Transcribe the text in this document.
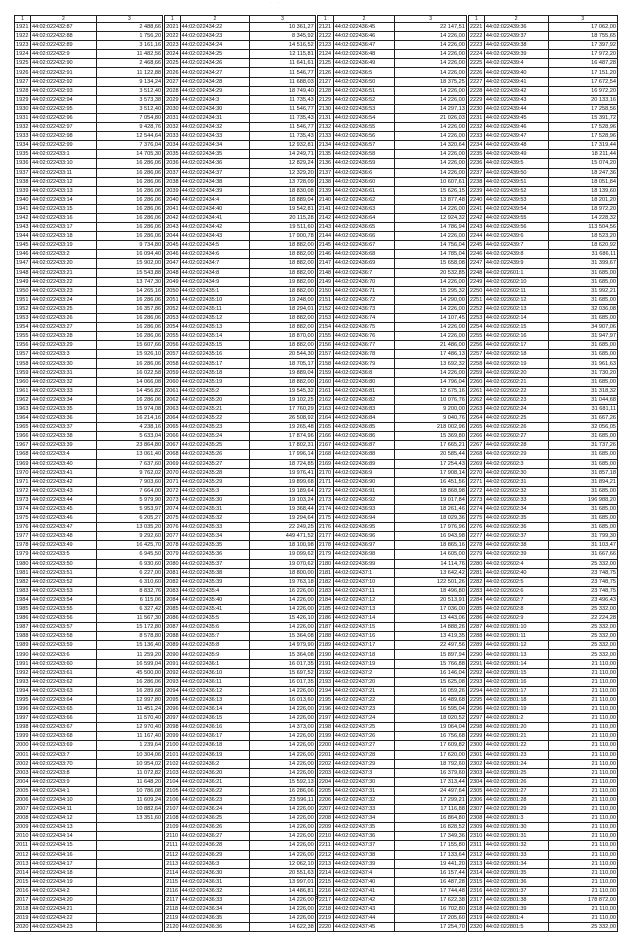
· · ·
1	2	3
1921	44:02:022432:87	2 488,66
1922	44:02:022432:88	1 756,20
1923	44:02:022432:89	3 161,16
1924	44:02:022432:9	11 482,56
1925	44:02:022432:90	2 468,66
1926	44:02:022432:91	11 122,88
1927	44:02:022432:92	9 134,24
1928	44:02:022432:93	3 512,40
1929	44:02:022432:94	3 573,38
1930	44:02:022432:95	3 512,40
1931	44:02:022432:96	7 054,80
1932	44:02:022432:97	9 428,76
1933	44:02:022432:98	12 544,64
1934	44:02:022432:99	7 376,04
1935	44:02:022433:1	14 705,30
1936	44:02:022433:10	16 286,06
1937	44:02:022433:11	16 286,06
1938	44:02:022433:12	16 286,06
1939	44:02:022433:13	16 286,06
1940	44:02:022433:14	16 286,06
1941	44:02:022433:15	16 286,06
1942	44:02:022433:16	16 286,06
1943	44:02:022433:17	16 286,06
1944	44:02:022433:18	16 286,06
1945	44:02:022433:19	9 734,80
1946	44:02:022433:2	16 094,40
1947	44:02:022433:20	15 902,00
1948	44:02:022433:21	15 543,88
1949	44:02:022433:22	13 747,30
1950	44:02:022433:23	14 265,16
1951	44:02:022433:24	16 286,06
1952	44:02:022433:25	16 357,86
1953	44:02:022433:26	16 286,06
1954	44:02:022433:27	16 286,06
1955	44:02:022433:28	16 286,06
1956	44:02:022433:29	15 607,66
1957	44:02:022433:3	15 926,10
1958	44:02:022433:30	16 286,06
1959	44:02:022433:31	16 022,58
1960	44:02:022433:32	14 066,08
1961	44:02:022433:33	14 456,82
1962	44:02:022433:34	16 286,06
1963	44:02:022433:35	15 974,08
1964	44:02:022433:36	16 214,16
1965	44:02:022433:37	4 238,16
1966	44:02:022433:38	5 633,04
1967	44:02:022433:39	23 864,80
1968	44:02:022433:4	13 061,40
1969	44:02:022433:40	7 637,60
1970	44:02:022433:41	9 762,02
1971	44:02:022433:42	7 903,60
1972	44:02:022433:43	7 664,00
1973	44:02:022433:44	5 979,90
1974	44:02:022433:45	5 953,97
1975	44:02:022433:46	6 205,27
1976	44:02:022433:47	13 035,20
1977	44:02:022433:48	9 292,60
1978	44:02:022433:49	16 425,70
1979	44:02:022433:5	6 945,50
1980	44:02:022433:50	6 930,60
1981	44:02:022433:51	6 227,00
1982	44:02:022433:52	6 310,60
1983	44:02:022433:53	8 832,76
1984	44:02:022433:54	6 115,06
1985	44:02:022433:55	6 327,42
1986	44:02:022433:56	11 567,30
1987	44:02:022433:57	15 172,80
1988	44:02:022433:58	8 578,80
1989	44:02:022433:59	15 136,40
1990	44:02:022433:6	11 259,20
1991	44:02:022433:60	16 599,04
1992	44:02:022433:61	45 500,00
1993	44:02:022433:62	16 286,06
1994	44:02:022433:63	16 289,68
1995	44:02:022433:64	12 997,80
1996	44:02:022433:65	11 451,24
1997	44:02:022433:66	11 570,40
1998	44:02:022433:67	12 970,40
1999	44:02:022433:68	11 167,40
2000	44:02:022433:69	1 239,64
2001	44:02:022433:7	10 304,06
2002	44:02:022433:70	10 954,02
2003	44:02:022433:8	11 072,82
2004	44:02:022433:9	11 648,20
2005	44:02:022434:1	10 786,08
2006	44:02:022434:10	11 609,24
2007	44:02:022434:11	10 882,64
2008	44:02:022434:12	13 351,60
2009	44:02:022434:13	
2010	44:02:022434:14	
2011	44:02:022434:15	
2012	44:02:022434:16	
2013	44:02:022434:17	
2014	44:02:022434:18	
2015	44:02:022434:19	
2016	44:02:022434:2	
2017	44:02:022434:20	
2018	44:02:022434:21	
2019	44:02:022434:22	
2020	44:02:022434:23	
1	2	3
2021	44:02:022434:22	10 361,27
2022	44:02:022434:23	8 345,92
2023	44:02:022434:24	14 516,52
2024	44:02:022434:25	12 115,81
2025	44:02:022434:26	11 641,61
2026	44:02:022434:27	11 546,77
2027	44:02:022434:28	11 688,03
2028	44:02:022434:29	18 749,40
2029	44:02:022434:3	11 735,43
2030	44:02:022434:30	11 546,77
2031	44:02:022434:31	11 735,43
2032	44:02:022434:32	11 546,77
2033	44:02:022434:33	11 735,43
2034	44:02:022434:34	12 932,81
2035	44:02:022434:35	14 249,71
2036	44:02:022434:36	12 829,24
2037	44:02:022434:37	12 329,20
2038	44:02:022434:38	13 728,09
2039	44:02:022434:39	18 830,08
2040	44:02:022434:4	18 889,04
2041	44:02:022434:40	19 542,81
2042	44:02:022434:41	20 115,28
2043	44:02:022434:42	19 511,60
2044	44:02:022434:43	17 900,78
2045	44:02:022434:5	18 882,00
2046	44:02:022434:6	18 882,00
2047	44:02:022434:7	18 882,00
2048	44:02:022434:8	18 882,00
2049	44:02:022434:9	19 882,00
2050	44:02:022435:1	18 882,00
2051	44:02:022435:10	19 248,00
2052	44:02:022435:11	18 294,01
2053	44:02:022435:12	18 882,00
2054	44:02:022435:13	18 882,00
2055	44:02:022435:14	18 870,00
2056	44:02:022435:15	18 882,00
2057	44:02:022435:16	20 544,30
2058	44:02:022435:17	18 705,17
2059	44:02:022435:18	19 889,04
2060	44:02:022435:19	18 882,00
2061	44:02:022435:2	19 545,32
2062	44:02:022435:20	19 102,25
2063	44:02:022435:21	17 760,29
2064	44:02:022435:22	26 508,92
2065	44:02:022435:23	19 265,48
2066	44:02:022435:24	17 874,96
2067	44:02:022435:25	17 802,31
2068	44:02:022435:26	17 996,14
2069	44:02:022435:27	18 724,85
2070	44:02:022435:28	19 976,41
2071	44:02:022435:29	19 899,68
2072	44:02:022435:3	19 189,64
2073	44:02:022435:30	19 103,24
2074	44:02:022435:31	19 368,44
2075	44:02:022435:32	19 294,64
2076	44:02:022435:33	22 249,25
2077	44:02:022435:34	449 471,52
2078	44:02:022435:35	18 100,98
2079	44:02:022435:36	19 099,62
2080	44:02:022435:37	19 070,62
2081	44:02:022435:38	18 800,00
2082	44:02:022435:39	19 763,18
2083	44:02:022435:4	16 226,00
2084	44:02:022435:40	14 226,00
2085	44:02:022435:41	14 226,00
2086	44:02:022435:5	15 426,10
2087	44:02:022435:6	14 226,00
2088	44:02:022435:7	15 364,08
2089	44:02:022435:8	14 979,90
2090	44:02:022435:9	15 364,08
2091	44:02:022436:1	16 017,35
2092	44:02:022436:10	15 697,52
2093	44:02:022436:11	16 017,35
2094	44:02:022436:12	14 226,00
2095	44:02:022436:13	16 013,60
2096	44:02:022436:14	14 226,00
2097	44:02:022436:15	14 226,00
2098	44:02:022436:16	14 373,00
2099	44:02:022436:17	14 226,00
2100	44:02:022436:18	14 226,00
2101	44:02:022436:19	14 226,00
2102	44:02:022436:2	14 226,00
2103	44:02:022436:20	14 226,00
2104	44:02:022436:21	15 592,13
2105	44:02:022436:22	16 286,06
2106	44:02:022436:23	23 596,11
2107	44:02:022436:24	14 226,00
2108	44:02:022436:25	14 226,00
2109	44:02:022436:26	14 226,00
2110	44:02:022436:27	14 226,00
2111	44:02:022436:28	14 226,00
2112	44:02:022436:29	14 226,00
2113	44:02:022436:3	12 062,10
2114	44:02:022436:30	20 551,63
2115	44:02:022436:31	13 997,01
2116	44:02:022436:32	14 486,81
2117	44:02:022436:33	14 226,00
2118	44:02:022436:34	14 226,00
2119	44:02:022436:35	14 226,00
2120	44:02:022436:36	14 622,38
1	2	3
2121	44:02:022436:45	22 147,51
2122	44:02:022436:46	14 226,00
2123	44:02:022436:47	14 226,00
2124	44:02:022436:48	14 226,00
2125	44:02:022436:49	14 226,00
2126	44:02:022436:5	14 226,00
2127	44:02:022436:50	18 375,25
2128	44:02:022436:51	14 226,00
2129	44:02:022436:52	14 226,00
2130	44:02:022436:53	14 297,13
2131	44:02:022436:54	21 026,03
2132	44:02:022436:55	14 226,00
2133	44:02:022436:56	14 226,00
2134	44:02:022436:57	14 320,64
2135	44:02:022436:58	14 226,00
2136	44:02:022436:59	14 226,00
2137	44:02:022436:6	14 226,00
2138	44:02:022436:60	10 607,61
2139	44:02:022436:61	15 626,15
2140	44:02:022436:62	13 877,48
2141	44:02:022436:63	14 226,00
2142	44:02:022436:64	12 924,32
2143	44:02:022436:65	14 786,94
2144	44:02:022436:66	14 226,00
2145	44:02:022436:67	14 756,04
2146	44:02:022436:68	14 785,04
2147	44:02:022436:69	15 658,08
2148	44:02:022436:7	20 532,85
2149	44:02:022436:70	14 226,00
2150	44:02:022436:71	15 295,32
2151	44:02:022436:72	14 290,00
2152	44:02:022436:73	14 226,00
2153	44:02:022436:74	14 107,45
2154	44:02:022436:75	14 226,00
2155	44:02:022436:76	14 226,00
2156	44:02:022436:77	21 486,00
2157	44:02:022436:78	17 486,13
2158	44:02:022436:79	13 692,32
2159	44:02:022436:8	14 226,00
2160	44:02:022436:80	14 796,04
2161	44:02:022436:81	12 675,16
2162	44:02:022436:82	10 076,76
2163	44:02:022436:83	9 200,00
2164	44:02:022436:84	9 040,76
2165	44:02:022436:85	218 002,96
2166	44:02:022436:86	15 369,80
2167	44:02:022436:87	17 665,21
2168	44:02:022436:88	20 585,44
2169	44:02:022436:89	17 254,43
2170	44:02:022436:9	17 908,14
2171	44:02:022436:90	16 451,56
2172	44:02:022436:91	18 868,98
2173	44:02:022436:92	19 017,84
2174	44:02:022436:93	18 261,46
2175	44:02:022436:94	18 029,36
2176	44:02:022436:95	17 976,96
2177	44:02:022436:96	16 943,98
2178	44:02:022436:97	18 865,16
2179	44:02:022436:98	14 605,00
2180	44:02:022436:99	14 114,76
2181	44:02:022437:1	13 642,42
2182	44:02:022437:10	122 501,26
2183	44:02:022437:11	18 496,80
2184	44:02:022437:12	20 513,91
2185	44:02:022437:13	17 036,00
2186	44:02:022437:14	13 443,06
2187	44:02:022437:15	14 888,26
2188	44:02:022437:16	13 419,35
2189	44:02:022437:17	22 497,56
2190	44:02:022437:18	15 897,94
2191	44:02:022437:19	15 766,88
2192	44:02:022437:2	16 146,04
2193	44:02:022437:20	15 625,08
2194	44:02:022437:21	16 059,26
2195	44:02:022437:22	16 489,68
2196	44:02:022437:23	16 595,04
2197	44:02:022437:24	18 020,52
2198	44:02:022437:25	19 064,04
2199	44:02:022437:26	16 756,68
2200	44:02:022437:27	17 609,82
2201	44:02:022437:28	17 620,00
2202	44:02:022437:29	18 792,60
2203	44:02:022437:3	16 379,60
2204	44:02:022437:30	17 313,44
2205	44:02:022437:31	24 497,64
2206	44:02:022437:32	17 299,21
2207	44:02:022437:33	17 116,88
2208	44:02:022437:34	16 864,80
2209	44:02:022437:35	16 828,52
2210	44:02:022437:36	17 349,36
2211	44:02:022437:37	17 155,80
2212	44:02:022437:38	17 133,64
2213	44:02:022437:39	19 441,20
2214	44:02:022437:4	16 157,44
2215	44:02:022437:40	16 487,28
2216	44:02:022437:41	17 744,48
2217	44:02:022437:42	17 622,38
2218	44:02:022437:43	16 702,80
2219	44:02:022437:44	17 205,60
2220	44:02:022437:45	17 254,70
1	2	3
2221	44:02:022439:36	17 062,00
2222	44:02:022439:37	18 755,65
2223	44:02:022439:38	17 397,92
2224	44:02:022439:39	17 972,20
2225	44:02:022439:4	16 487,28
2226	44:02:022439:40	17 151,20
2227	44:02:022439:41	17 672,54
2228	44:02:022439:42	16 972,20
2229	44:02:022439:43	20 133,16
2230	44:02:022439:44	17 258,56
2231	44:02:022439:45	15 391,72
2232	44:02:022439:46	17 528,96
2233	44:02:022439:47	17 528,96
2234	44:02:022439:48	17 319,44
2235	44:02:022439:49	18 211,44
2236	44:02:022439:5	15 074,20
2237	44:02:022439:50	18 247,36
2238	44:02:022439:51	18 051,84
2239	44:02:022439:52	18 139,60
2240	44:02:022439:53	18 201,20
2241	44:02:022439:54	18 972,20
2242	44:02:022439:55	14 228,32
2243	44:02:022439:56	113 504,56
2244	44:02:022439:6	18 523,20
2245	44:02:022439:7	18 620,92
2246	44:02:022439:8	31 686,11
2247	44:02:022439:9	31 399,67
2248	44:02:022601:1	31 685,00
2249	44:02:022602:10	31 685,00
2250	44:02:022602:11	31 992,21
2251	44:02:022602:12	31 685,00
2252	44:02:022602:13	32 036,08
2253	44:02:022602:14	31 685,00
2254	44:02:022602:15	34 907,06
2255	44:02:022602:16	31 947,97
2256	44:02:022602:17	31 685,00
2257	44:02:022602:18	31 685,00
2258	44:02:022602:19	31 961,63
2259	44:02:022602:20	31 730,20
2260	44:02:022602:21	31 685,00
2261	44:02:022602:22	31 318,32
2262	44:02:022602:23	31 044,68
2263	44:02:022602:24	31 681,11
2264	44:02:022602:25	31 667,26
2265	44:02:022602:26	32 056,05
2266	44:02:022602:27	31 685,00
2267	44:02:022602:28	31 737,26
2268	44:02:022602:29	31 685,00
2269	44:02:022602:3	31 685,00
2270	44:02:022602:30	31 857,18
2271	44:02:022602:31	31 894,21
2272	44:02:022602:32	31 685,00
2273	44:02:022602:33	196 988,20
2274	44:02:022602:34	31 685,00
2275	44:02:022602:35	31 685,00
2276	44:02:022602:36	31 685,00
2277	44:02:022602:37	31 799,30
2278	44:02:022602:38	31 103,47
2279	44:02:022602:39	31 667,66
2280	44:02:022602:4	25 332,00
2281	44:02:022602:40	23 748,75
2282	44:02:022602:5	23 748,75
2283	44:02:022602:6	23 748,75
2284	44:02:022602:7	23 496,43
2285	44:02:022602:8	25 332,00
2286	44:02:022602:9	22 224,28
2287	44:02:022801:10	25 332,00
2288	44:02:022801:11	25 332,00
2289	44:02:022801:12	25 332,00
2290	44:02:022801:13	25 332,00
2291	44:02:022801:14	21 110,00
2292	44:02:022801:15	21 110,00
2293	44:02:022801:16	21 110,00
2294	44:02:022801:17	21 110,00
2295	44:02:022801:18	21 110,00
2296	44:02:022801:19	21 110,00
2297	44:02:022801:2	21 110,00
2298	44:02:022801:20	21 110,00
2299	44:02:022801:21	21 110,00
2300	44:02:022801:22	21 110,00
2301	44:02:022801:23	21 110,00
2302	44:02:022801:24	21 110,00
2303	44:02:022801:25	21 110,00
2304	44:02:022801:26	21 110,00
2305	44:02:022801:27	21 110,00
2306	44:02:022801:28	21 110,00
2307	44:02:022801:29	21 110,00
2308	44:02:022801:3	21 110,00
2309	44:02:022801:30	21 110,00
2310	44:02:022801:31	21 110,00
2311	44:02:022801:32	21 110,00
2312	44:02:022801:33	21 110,00
2313	44:02:022801:34	21 110,00
2314	44:02:022801:35	21 110,00
2315	44:02:022801:36	21 110,00
2316	44:02:022801:37	21 110,00
2317	44:02:022801:38	178 872,00
2318	44:02:022801:39	21 110,00
2319	44:02:022801:4	21 110,00
2320	44:02:022801:5	25 332,00
5
